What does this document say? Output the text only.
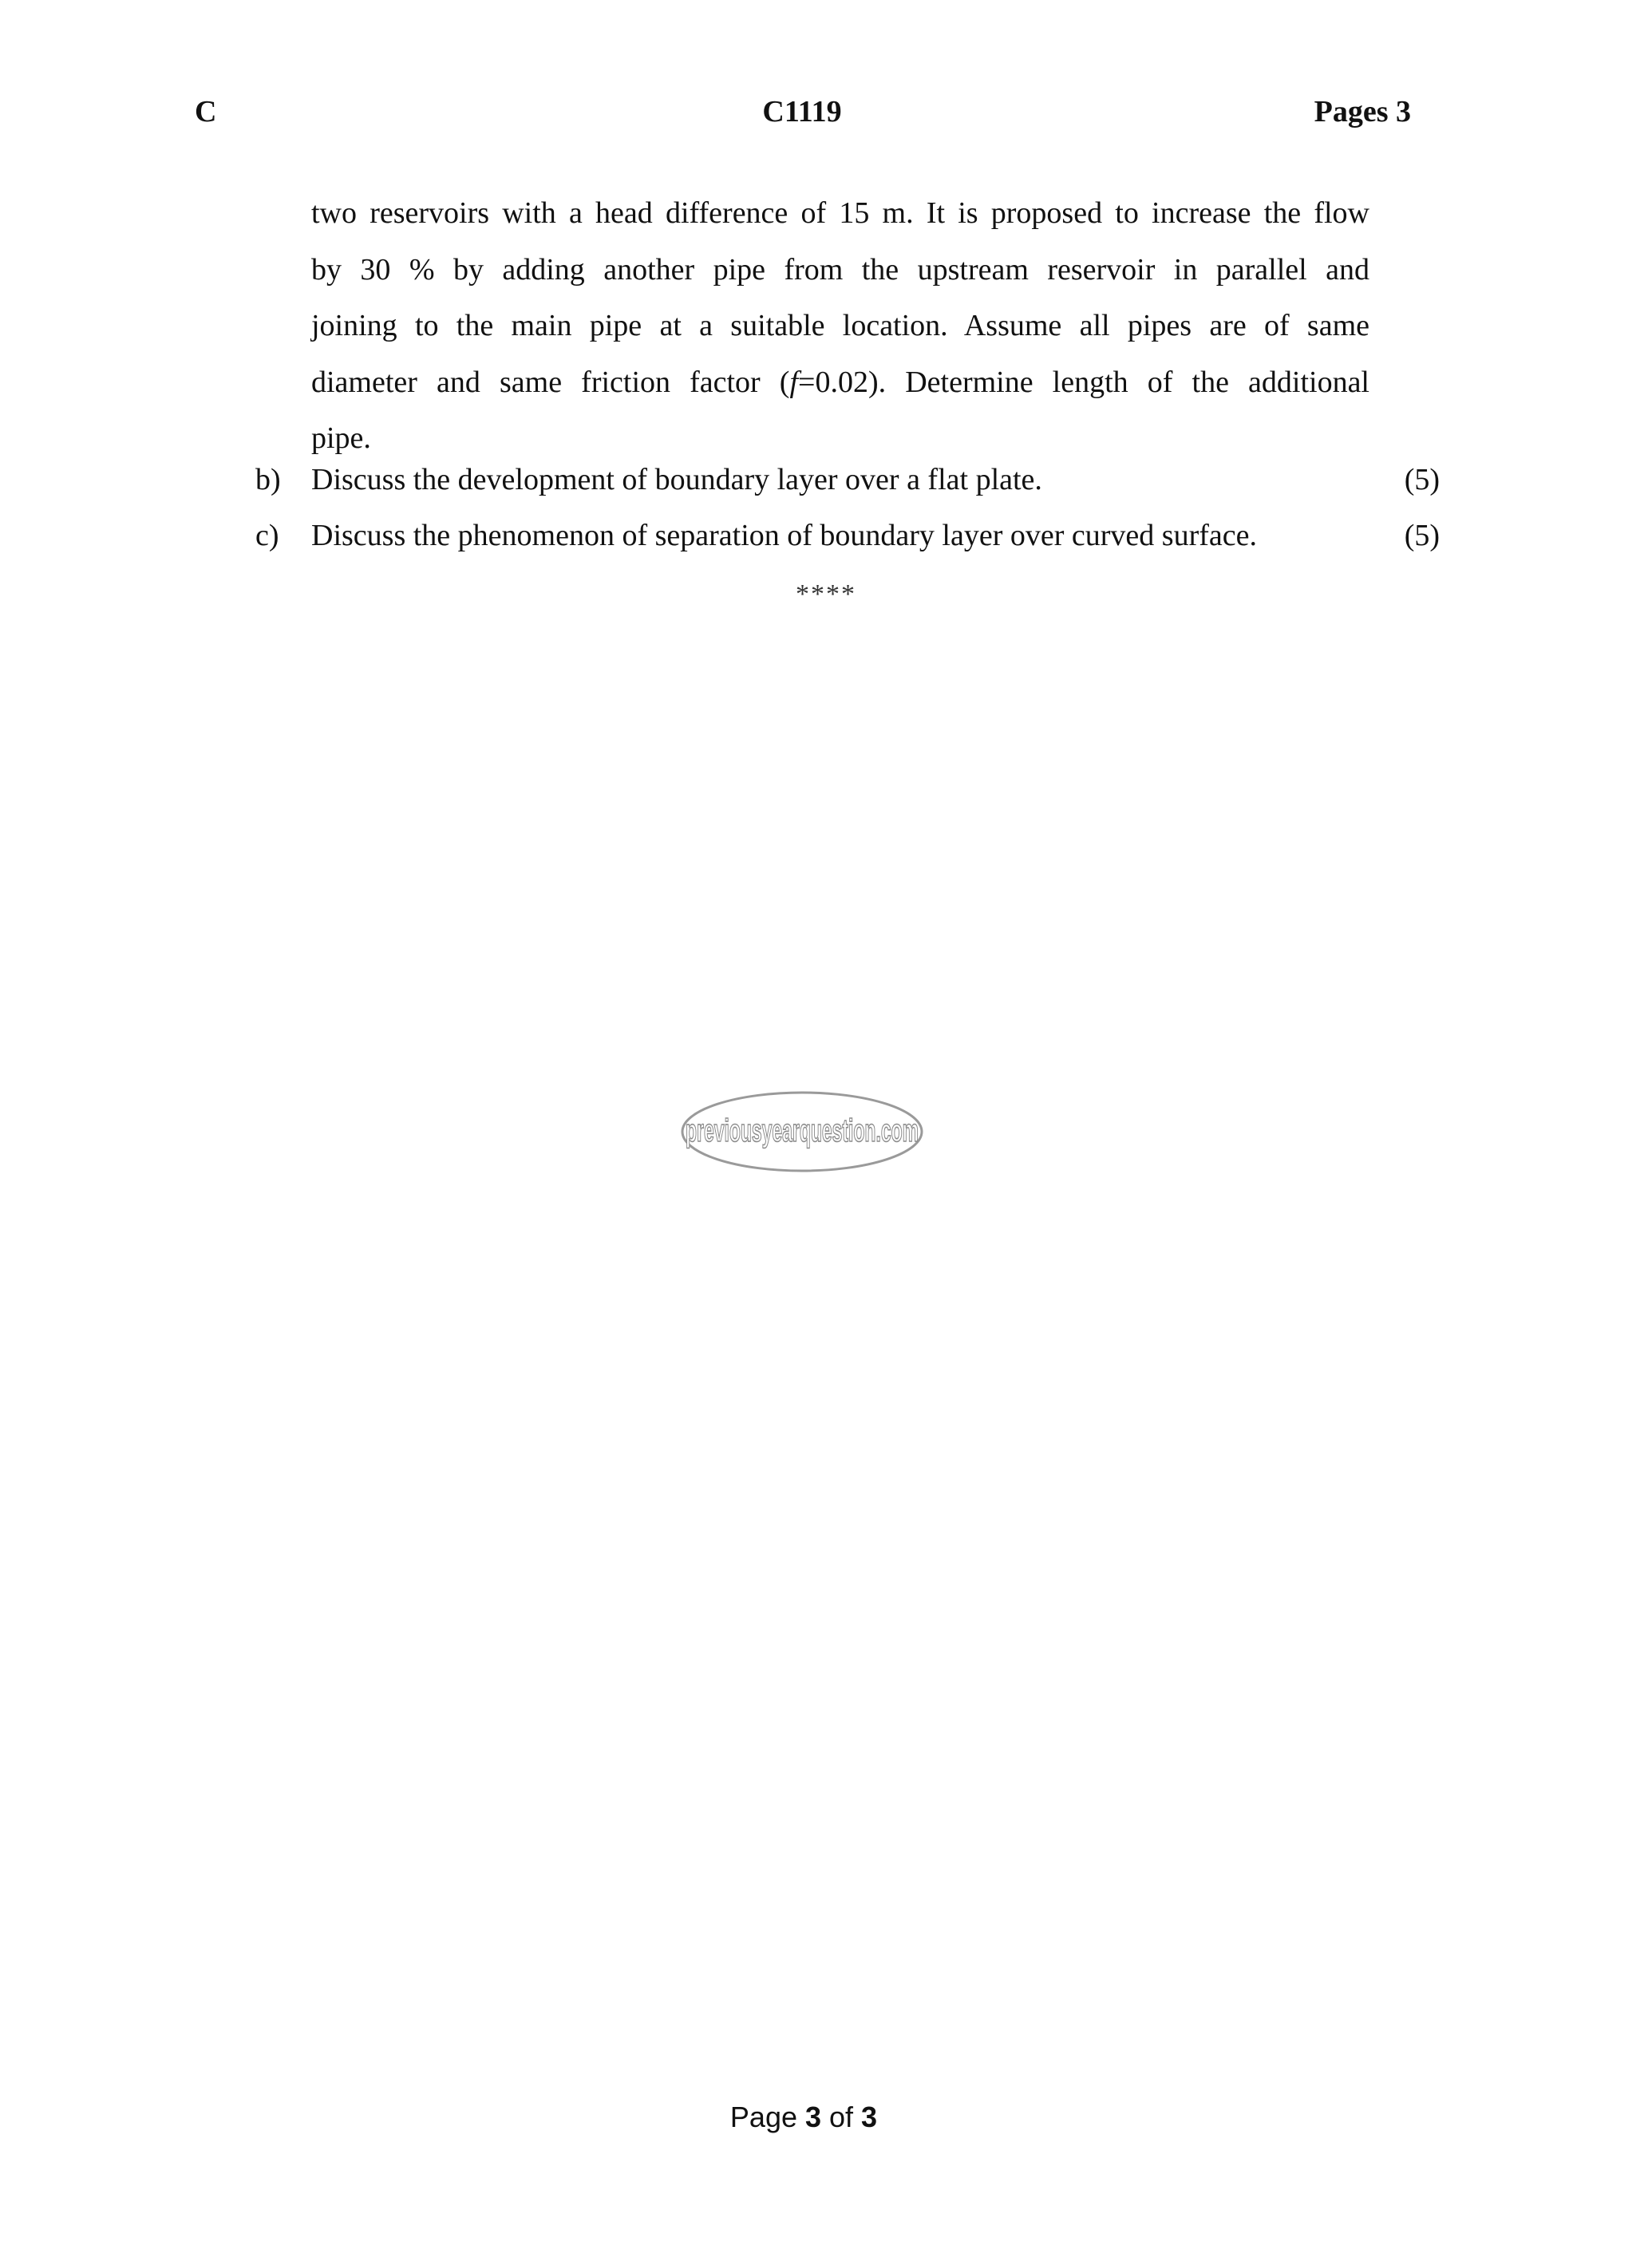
C	C1119	Pages 3
two reservoirs with a head difference of 15 m. It is proposed to increase the flow
by 30 % by adding another pipe from the upstream reservoir in parallel and
joining to the main pipe at a suitable location. Assume all pipes are of same
diameter and same friction factor (f=0.02). Determine length of the additional
pipe.
b) Discuss the development of boundary layer over a flat plate.	(5)
c) Discuss the phenomenon of separation of boundary layer over curved surface.	(5)
****
previousyearquestion.com
Page 3 of 3
